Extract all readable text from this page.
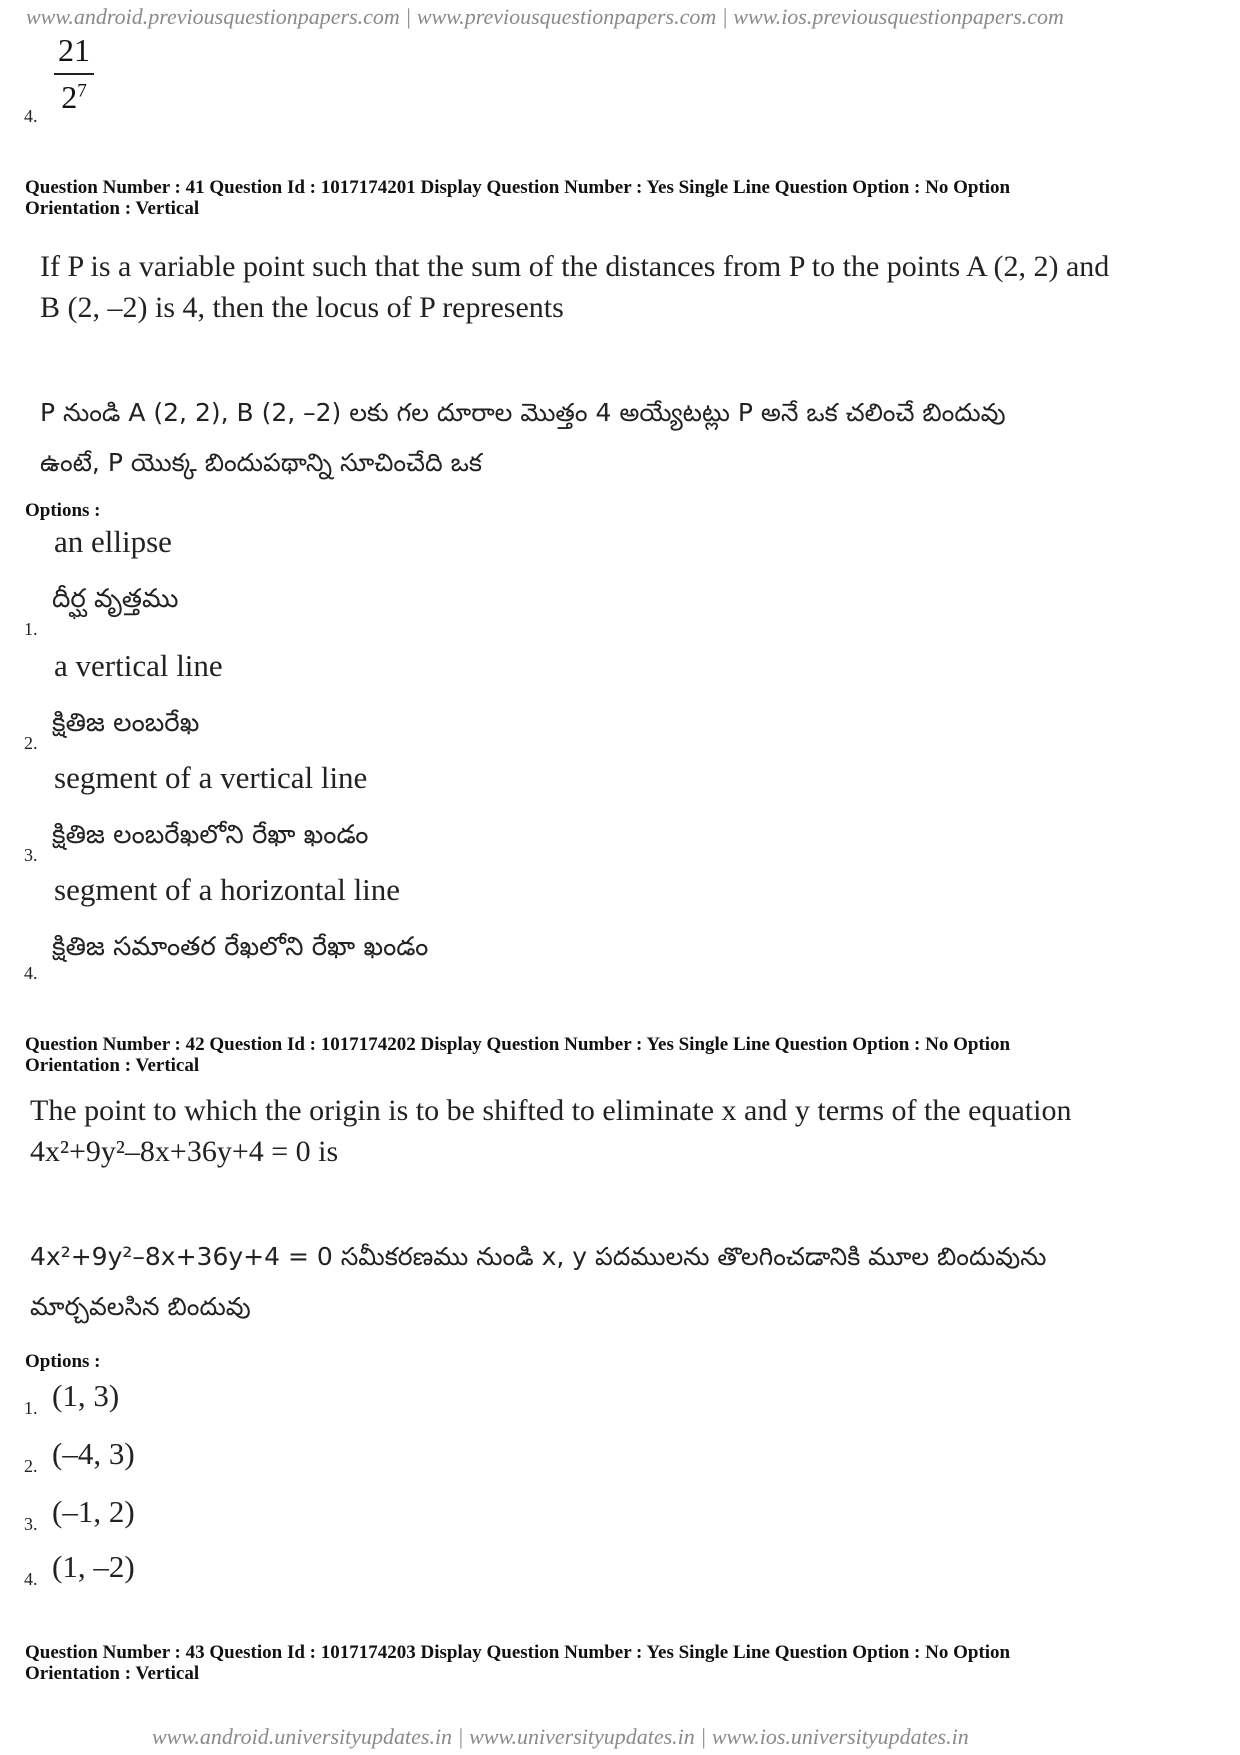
www.android.previousquestionpapers.com | www.previousquestionpapers.com | www.ios.previousquestionpapers.com
4.
21
$2^7$
Question Number : 41 Question Id : 1017174201 Display Question Number : Yes Single Line Question Option : No Option
Orientation : Vertical
If P is a variable point such that the sum of the distances from P to the points A (2, 2) and
B (2, –2) is 4, then the locus of P represents
P నుండి A (2, 2), B (2, –2) లకు గల దూరాల మొత్తం 4 అయ్యేటట్లు P అనే ఒక చలించే బిందువు
ఉంటే, P యొక్క బిందుపథాన్ని సూచించేది ఒక
Options :
an ellipse
దీర్ఘ వృత్తము
1.
a vertical line
క్షితిజ లంబరేఖ
2.
segment of a vertical line
క్షితిజ లంబరేఖలోని రేఖా ఖండం
3.
segment of a horizontal line
క్షితిజ సమాంతర రేఖలోని రేఖా ఖండం
4.
Question Number : 42 Question Id : 1017174202 Display Question Number : Yes Single Line Question Option : No Option
Orientation : Vertical
The point to which the origin is to be shifted to eliminate x and y terms of the equation
4x²+9y²–8x+36y+4 = 0 is
4x²+9y²–8x+36y+4 = 0 సమీకరణము నుండి x, y పదములను తొలగించడానికి మూల బిందువును
మార్చవలసిన బిందువు
Options :
1. (1, 3)
2. (–4, 3)
3. (–1, 2)
4. (1, –2)
Question Number : 43 Question Id : 1017174203 Display Question Number : Yes Single Line Question Option : No Option
Orientation : Vertical
www.android.universityupdates.in | www.universityupdates.in | www.ios.universityupdates.in
